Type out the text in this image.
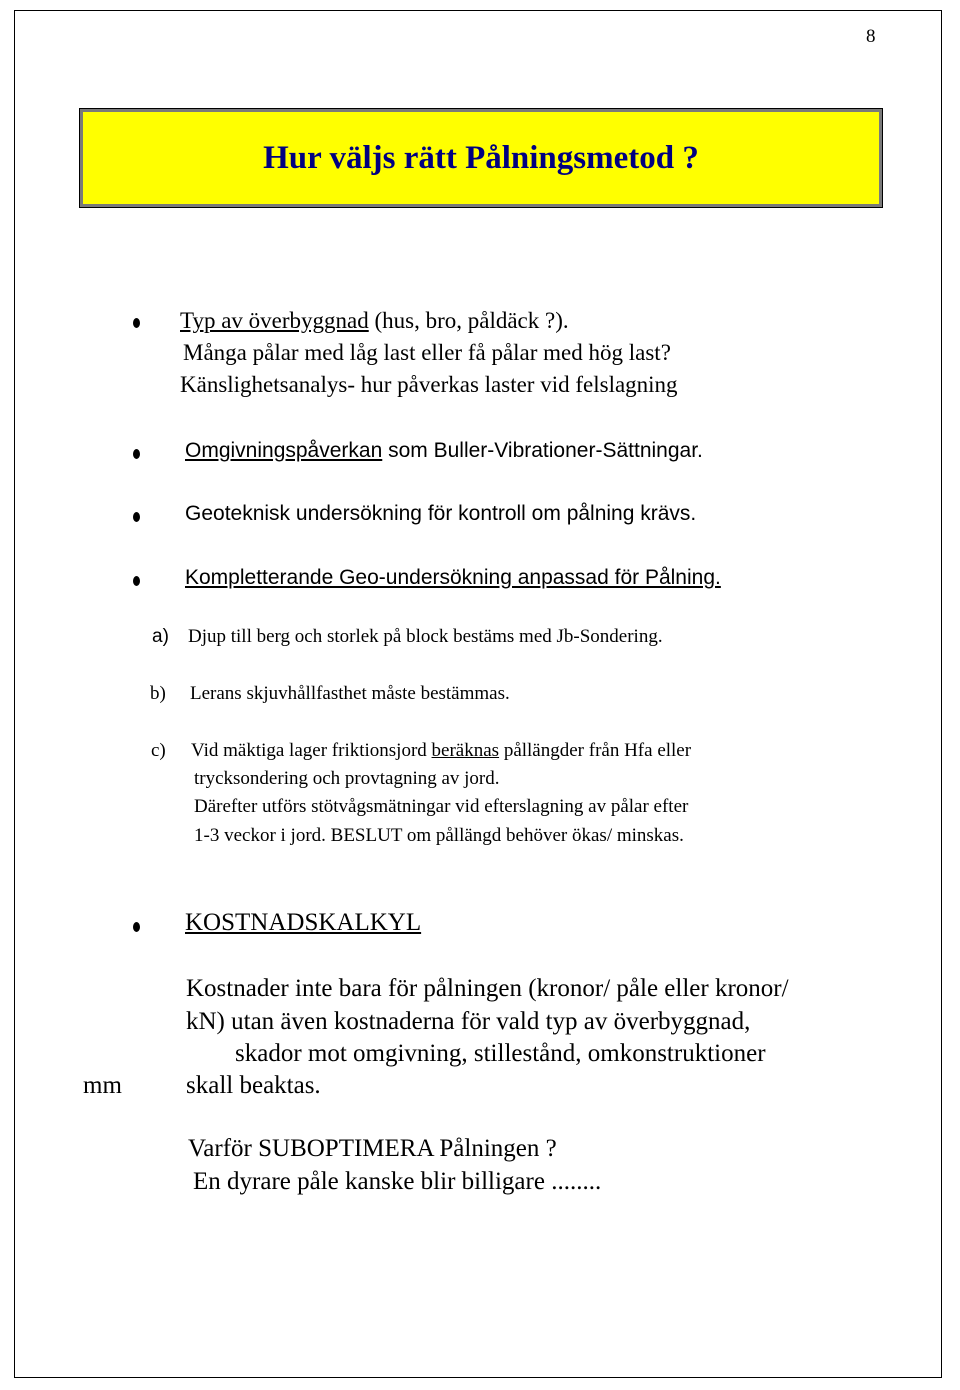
8
Hur väljs rätt Pålningsmetod ?
Typ av överbyggnad (hus, bro, påldäck ?).
Många pålar med låg last eller få pålar med hög last?
Känslighetsanalys- hur påverkas laster vid felslagning
Omgivningspåverkan som Buller-Vibrationer-Sättningar.
Geoteknisk undersökning för kontroll om pålning krävs.
Kompletterande Geo-undersökning anpassad för Pålning.
a) Djup till berg och storlek på block bestäms med Jb-Sondering.
b) Lerans skjuvhållfasthet måste bestämmas.
c) Vid mäktiga lager friktionsjord beräknas pållängder från Hfa eller
trycksondering och provtagning av jord.
Därefter utförs stötvågsmätningar vid efterslagning av pålar efter
1-3 veckor i jord. BESLUT om pållängd behöver ökas/ minskas.
KOSTNADSKALKYL
Kostnader inte bara för pålningen (kronor/ påle eller kronor/
kN) utan även kostnaderna för vald typ av överbyggnad,
skador mot omgivning, stillestånd, omkonstruktioner
skall beaktas.
mm
Varför SUBOPTIMERA Pålningen ?
En dyrare påle kanske blir billigare ........
